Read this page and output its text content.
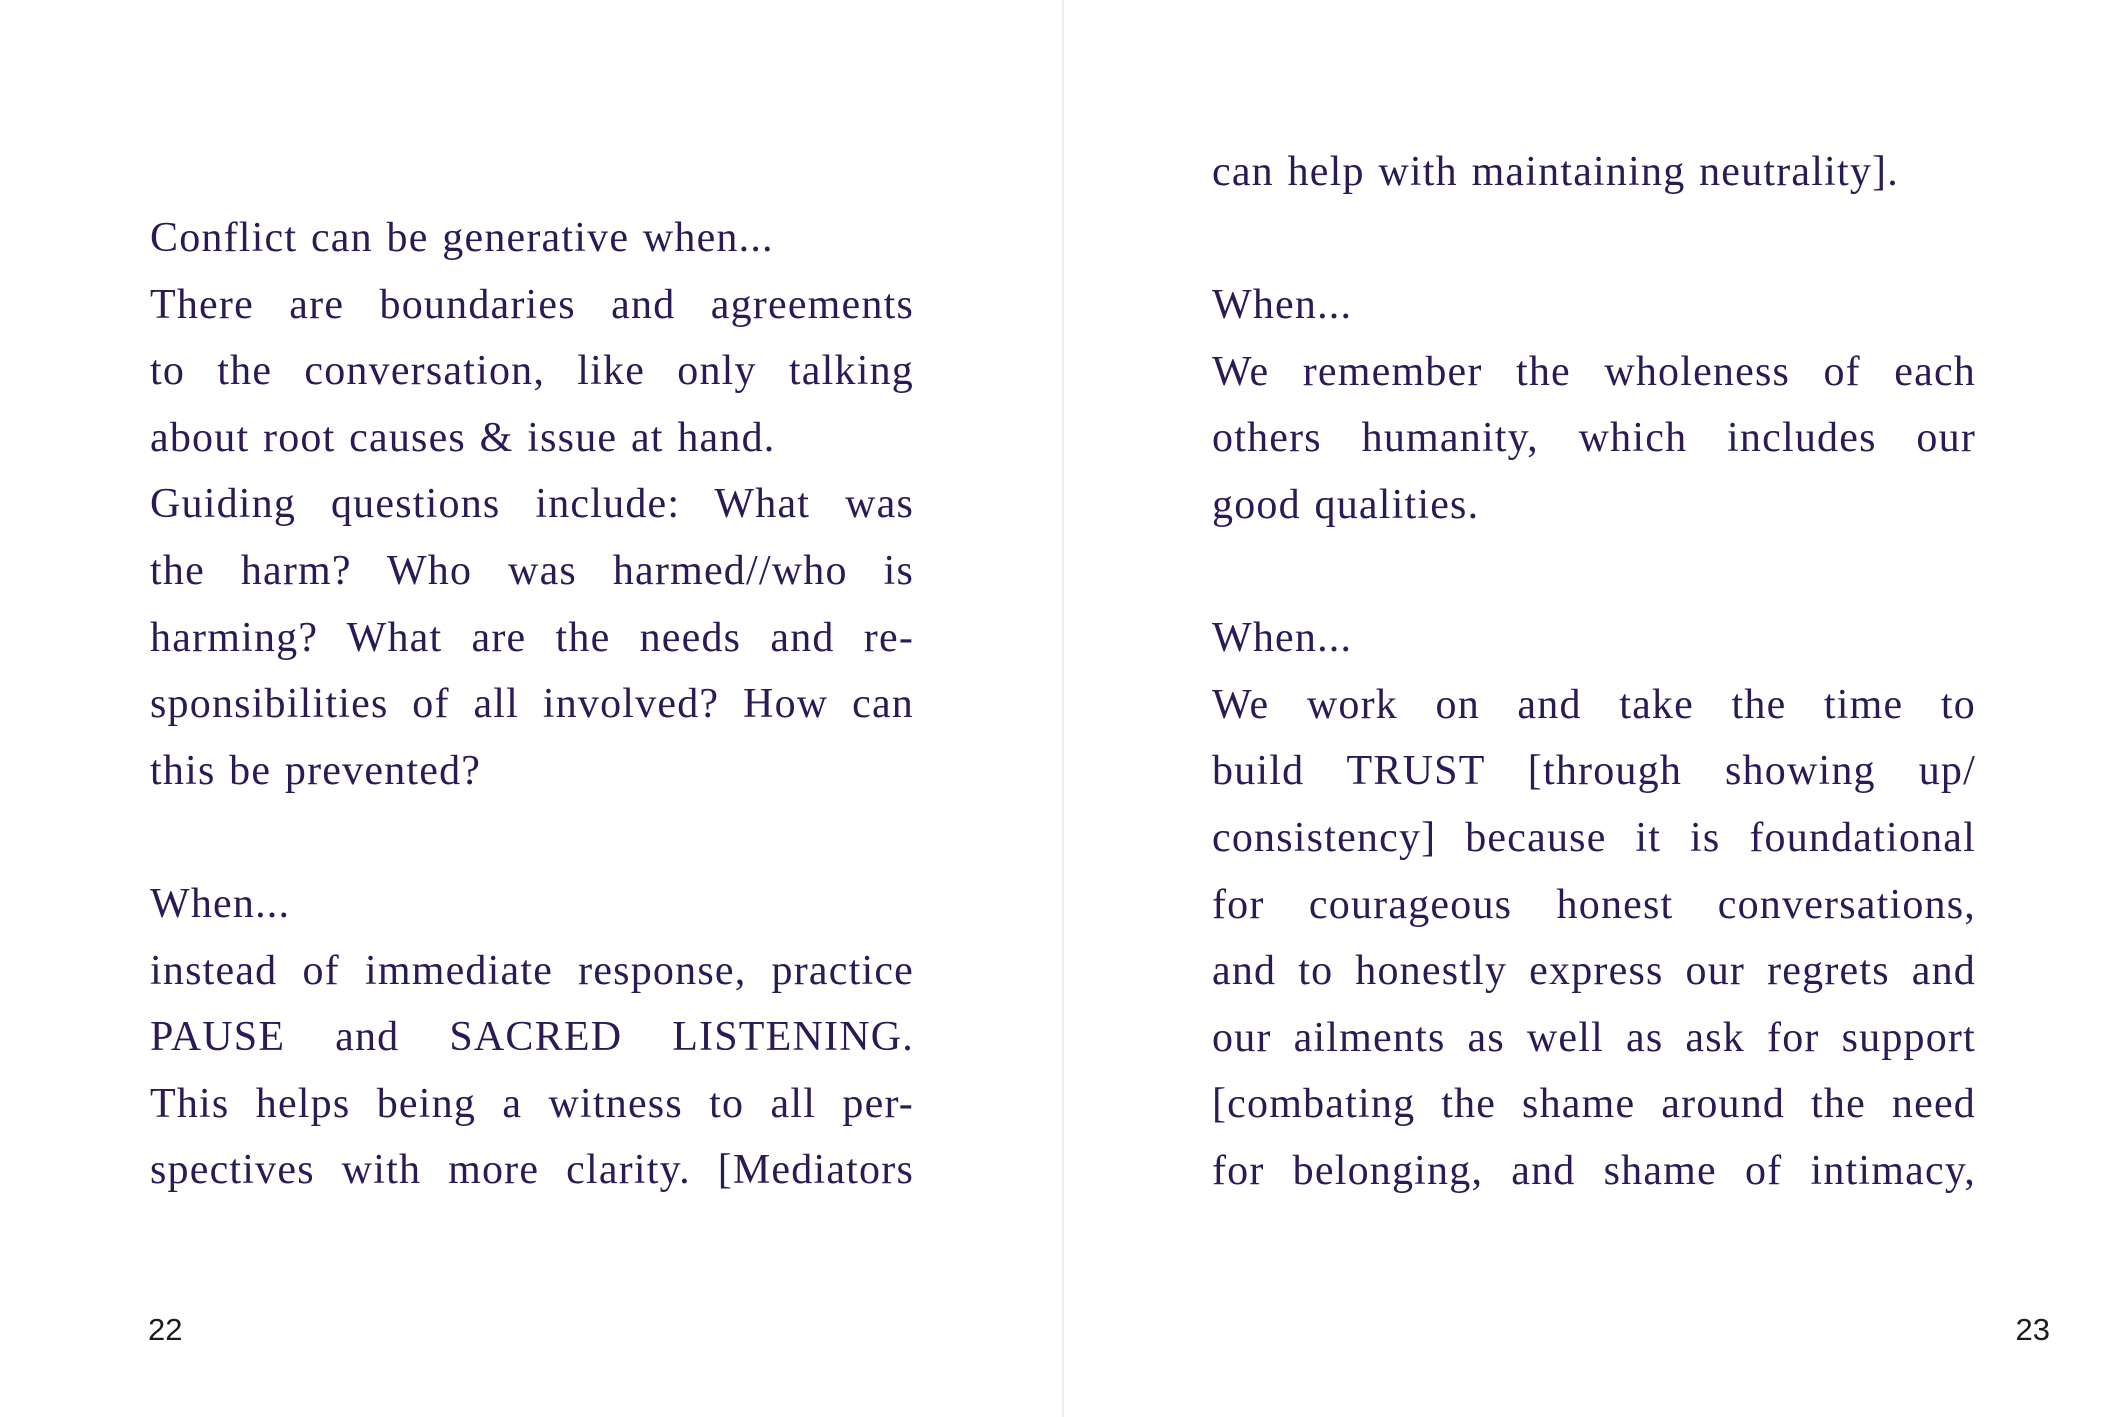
Conflict can be generative when...
There are boundaries and agreements
to the conversation, like only talking
about root causes & issue at hand.
Guiding questions include: What was
the harm? Who was harmed//who is
harming? What are the needs and re-
sponsibilities of all involved? How can
this be prevented?
When...
instead of immediate response, practice
PAUSE and SACRED LISTENING.
This helps being a witness to all per-
spectives with more clarity. [Mediators
22
can help with maintaining neutrality].
When...
We remember the wholeness of each
others humanity, which includes our
good qualities.
When...
We work on and take the time to
build TRUST [through showing up/
consistency] because it is foundational
for courageous honest conversations,
and to honestly express our regrets and
our ailments as well as ask for support
[combating the shame around the need
for belonging, and shame of intimacy,
23
